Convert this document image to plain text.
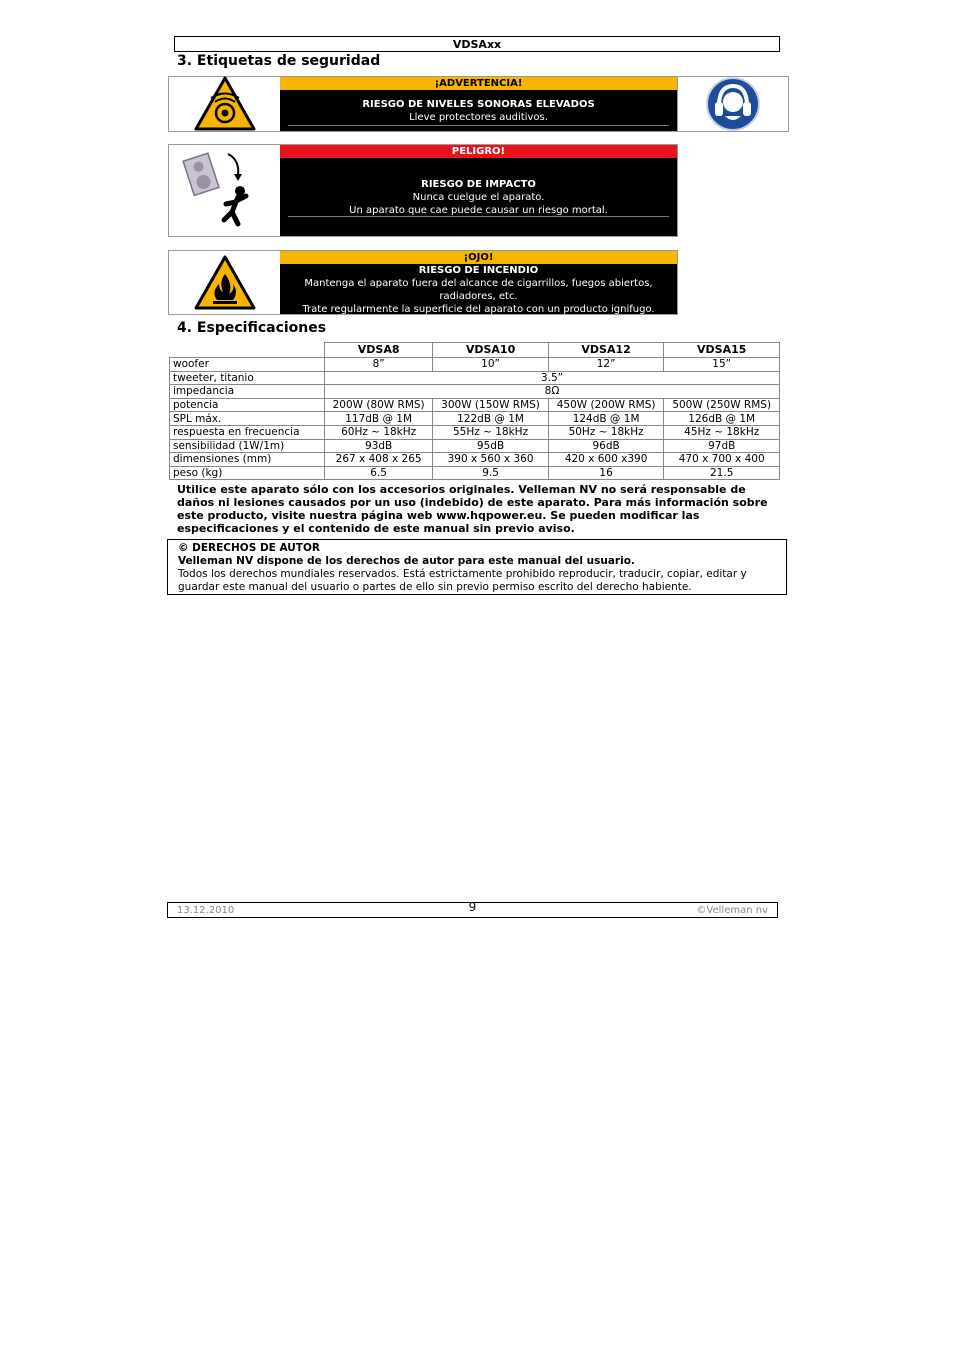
VDSAxx
3. Etiquetas de seguridad
¡ADVERTENCIA!
RIESGO DE NIVELES SONORAS ELEVADOS
Lleve protectores auditivos.
PELIGRO!
RIESGO DE IMPACTO
Nunca cuelgue el aparato.
Un aparato que cae puede causar un riesgo mortal.
¡OJO!
RIESGO DE INCENDIO
Mantenga el aparato fuera del alcance de cigarrillos, fuegos abiertos,
radiadores, etc.
Trate regularmente la superficie del aparato con un producto ignifugo.
4. Especificaciones
	VDSA8	VDSA10	VDSA12	VDSA15
woofer	8”	10”	12”	15”
tweeter, titanio	3.5”			
impedancia	8Ω			
potencia	200W (80W RMS)	300W (150W RMS)	450W (200W RMS)	500W (250W RMS)
SPL máx.	117dB @ 1M	122dB @ 1M	124dB @ 1M	126dB @ 1M
respuesta en frecuencia	60Hz ~ 18kHz	55Hz ~ 18kHz	50Hz ~ 18kHz	45Hz ~ 18kHz
sensibilidad (1W/1m)	93dB	95dB	96dB	97dB
dimensiones (mm)	267 x 408 x 265	390 x 560 x 360	420 x 600 x390	470 x 700 x 400
peso (kg)	6.5	9.5	16	21.5
Utilice este aparato sólo con los accesorios originales. Velleman NV no será responsable de daños ni lesiones causados por un uso (indebido) de este aparato. Para más información sobre este producto, visite nuestra página web www.hqpower.eu. Se pueden modificar las especificaciones y el contenido de este manual sin previo aviso.
© DERECHOS DE AUTOR
Velleman NV dispone de los derechos de autor para este manual del usuario.
Todos los derechos mundiales reservados. Está estrictamente prohibido reproducir, traducir, copiar, editar y guardar este manual del usuario o partes de ello sin previo permiso escrito del derecho habiente.
13.12.2010	9	©Velleman nv
